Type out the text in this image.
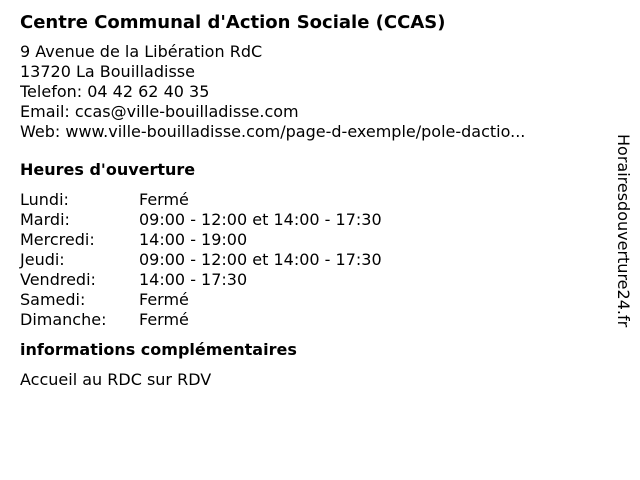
Centre Communal d'Action Sociale (CCAS)
9 Avenue de la Libération RdC
13720 La Bouilladisse
Telefon: 04 42 62 40 35
Email: ccas@ville-bouilladisse.com
Web: www.ville-bouilladisse.com/page-d-exemple/pole-dactio...
Heures d'ouverture
Lundi:	Fermé
Mardi:	09:00 - 12:00 et 14:00 - 17:30
Mercredi:	14:00 - 19:00
Jeudi:	09:00 - 12:00 et 14:00 - 17:30
Vendredi:	14:00 - 17:30
Samedi:	Fermé
Dimanche:	Fermé
informations complémentaires
Accueil au RDC sur RDV
Horairesdouverture24.fr
